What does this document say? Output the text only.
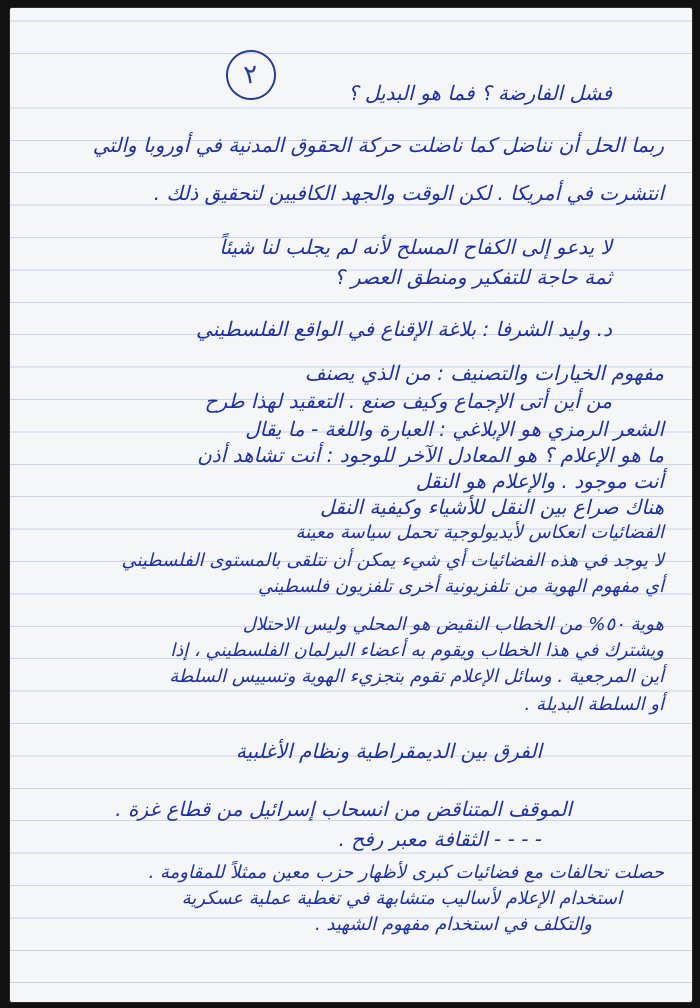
٢
فشل الفارضة ؟ فما هو البديل ؟
ربما الحل أن نناضل كما ناضلت حركة الحقوق المدنية في أوروبا والتي
انتشرت في أمريكا . لكن الوقت والجهد الكافيين لتحقيق ذلك .
لا يدعو إلى الكفاح المسلح لأنه لم يجلب لنا شيئاً
ثمة حاجة للتفكير ومنطق العصر ؟
د. وليد الشرفا : بلاغة الإقناع في الواقع الفلسطيني
مفهوم الخيارات والتصنيف : من الذي يصنف
من أين أتى الإجماع وكيف صنع . التعقيد لهذا طرح
الشعر الرمزي هو الإبلاغي : العبارة واللغة - ما يقال
ما هو الإعلام ؟ هو المعادل الآخر للوجود : أنت تشاهد أذن
أنت موجود . والإعلام هو النقل
هناك صراع بين النقل للأشياء وكيفية النقل
الفضائيات انعكاس لأيديولوجية تحمل سياسة معينة
لا يوجد في هذه الفضائيات أي شيء يمكن أن نتلقى بالمستوى الفلسطيني
أي مفهوم الهوية من تلفزيونية أخرى تلفزيون فلسطيني
هوية ٥٠% من الخطاب النقيض هو المحلي وليس الاحتلال
ويشترك في هذا الخطاب ويقوم به أعضاء البرلمان الفلسطيني ، إذا
أين المرجعية . وسائل الإعلام تقوم بتجزيء الهوية وتسييس السلطة
أو السلطة البديلة .
الفرق بين الديمقراطية ونظام الأغلبية
الموقف المتناقض من انسحاب إسرائيل من قطاع غزة .
- - - - الثقافة معبر رفح .
حصلت تحالفات مع فضائيات كبرى لأظهار حزب معين ممثلاً للمقاومة .
استخدام الإعلام لأساليب متشابهة في تغطية عملية عسكرية
والتكلف في استخدام مفهوم الشهيد .
